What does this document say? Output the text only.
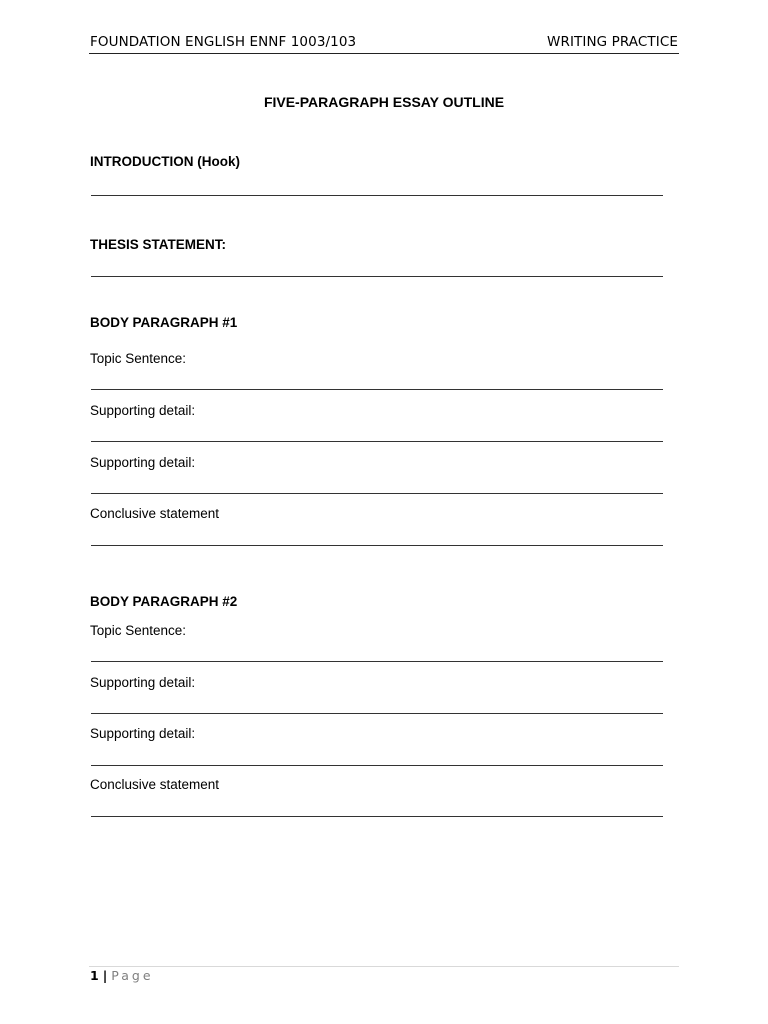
FOUNDATION ENGLISH ENNF 1003/103	WRITING PRACTICE
FIVE-PARAGRAPH ESSAY OUTLINE
INTRODUCTION (Hook)
THESIS STATEMENT:
BODY PARAGRAPH #1
Topic Sentence:
Supporting detail:
Supporting detail:
Conclusive statement
BODY PARAGRAPH #2
Topic Sentence:
Supporting detail:
Supporting detail:
Conclusive statement
1 | Page
